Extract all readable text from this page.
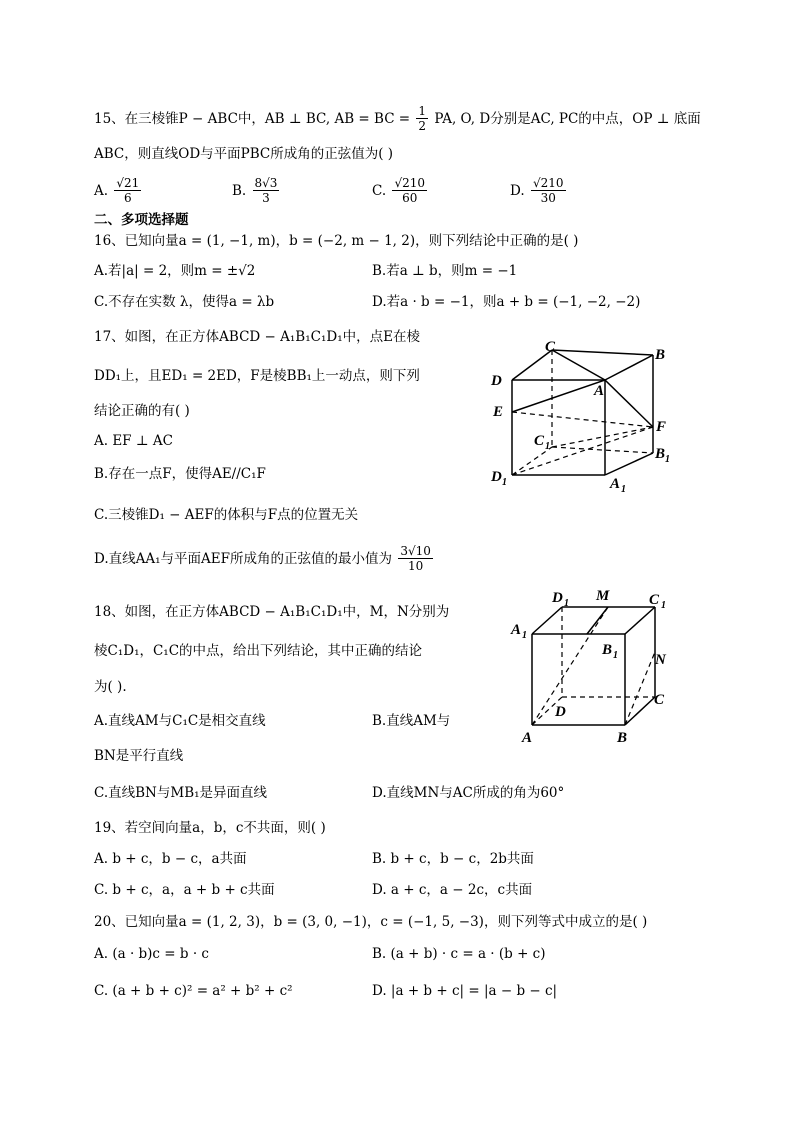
15、在三棱锥P − ABC中，AB ⊥ BC, AB = BC = $\frac{1}{2}$ PA, O, D分别是AC, PC的中点，OP ⊥ 底面
ABC，则直线OD与平面PBC所成角的正弦值为( )
A. $\frac{√21}{6}$	B. $\frac{8√3}{3}$	C. $\frac{√210}{60}$	D. $\frac{√210}{30}$
二、多项选择题
16、已知向量a = (1, −1, m)，b = (−2, m − 1, 2)，则下列结论中正确的是( )
A.若|a| = 2，则m = ±√2	B.若a ⊥ b，则m = −1
C.不存在实数 λ，使得a = λb	D.若a · b = −1，则a + b = (−1, −2, −2)
17、如图，在正方体ABCD − A₁B₁C₁D₁中，点E在棱
DD₁上，且ED₁ = 2ED，F是棱BB₁上一动点，则下列
结论正确的有( )
A. EF ⊥ AC
B.存在一点F，使得AE//C₁F
C.三棱锥D₁ − AEF的体积与F点的位置无关
D.直线AA₁与平面AEF所成角的正弦值的最小值为 $\frac{3√10}{10}$
C	B
D
A
E
C 1
F
B 1
D 1	A 1
18、如图，在正方体ABCD − A₁B₁C₁D₁中，M，N分别为
棱C₁D₁，C₁C的中点，给出下列结论，其中正确的结论
为( ).
A.直线AM与C₁C是相交直线	B.直线AM与
BN是平行直线
C.直线BN与MB₁是异面直线	D.直线MN与AC所成的角为60°
D 1 M	C 1
A 1
B 1 N
C
D
A	B
19、若空间向量a，b，c不共面，则( )
A. b + c，b − c，a共面	B. b + c，b − c，2b共面
C. b + c，a，a + b + c共面	D. a + c，a − 2c，c共面
20、已知向量a = (1, 2, 3)，b = (3, 0, −1)，c = (−1, 5, −3)，则下列等式中成立的是( )
A. (a · b)c = b · c	B. (a + b) · c = a · (b + c)
C. (a + b + c)² = a² + b² + c²	D. |a + b + c| = |a − b − c|
